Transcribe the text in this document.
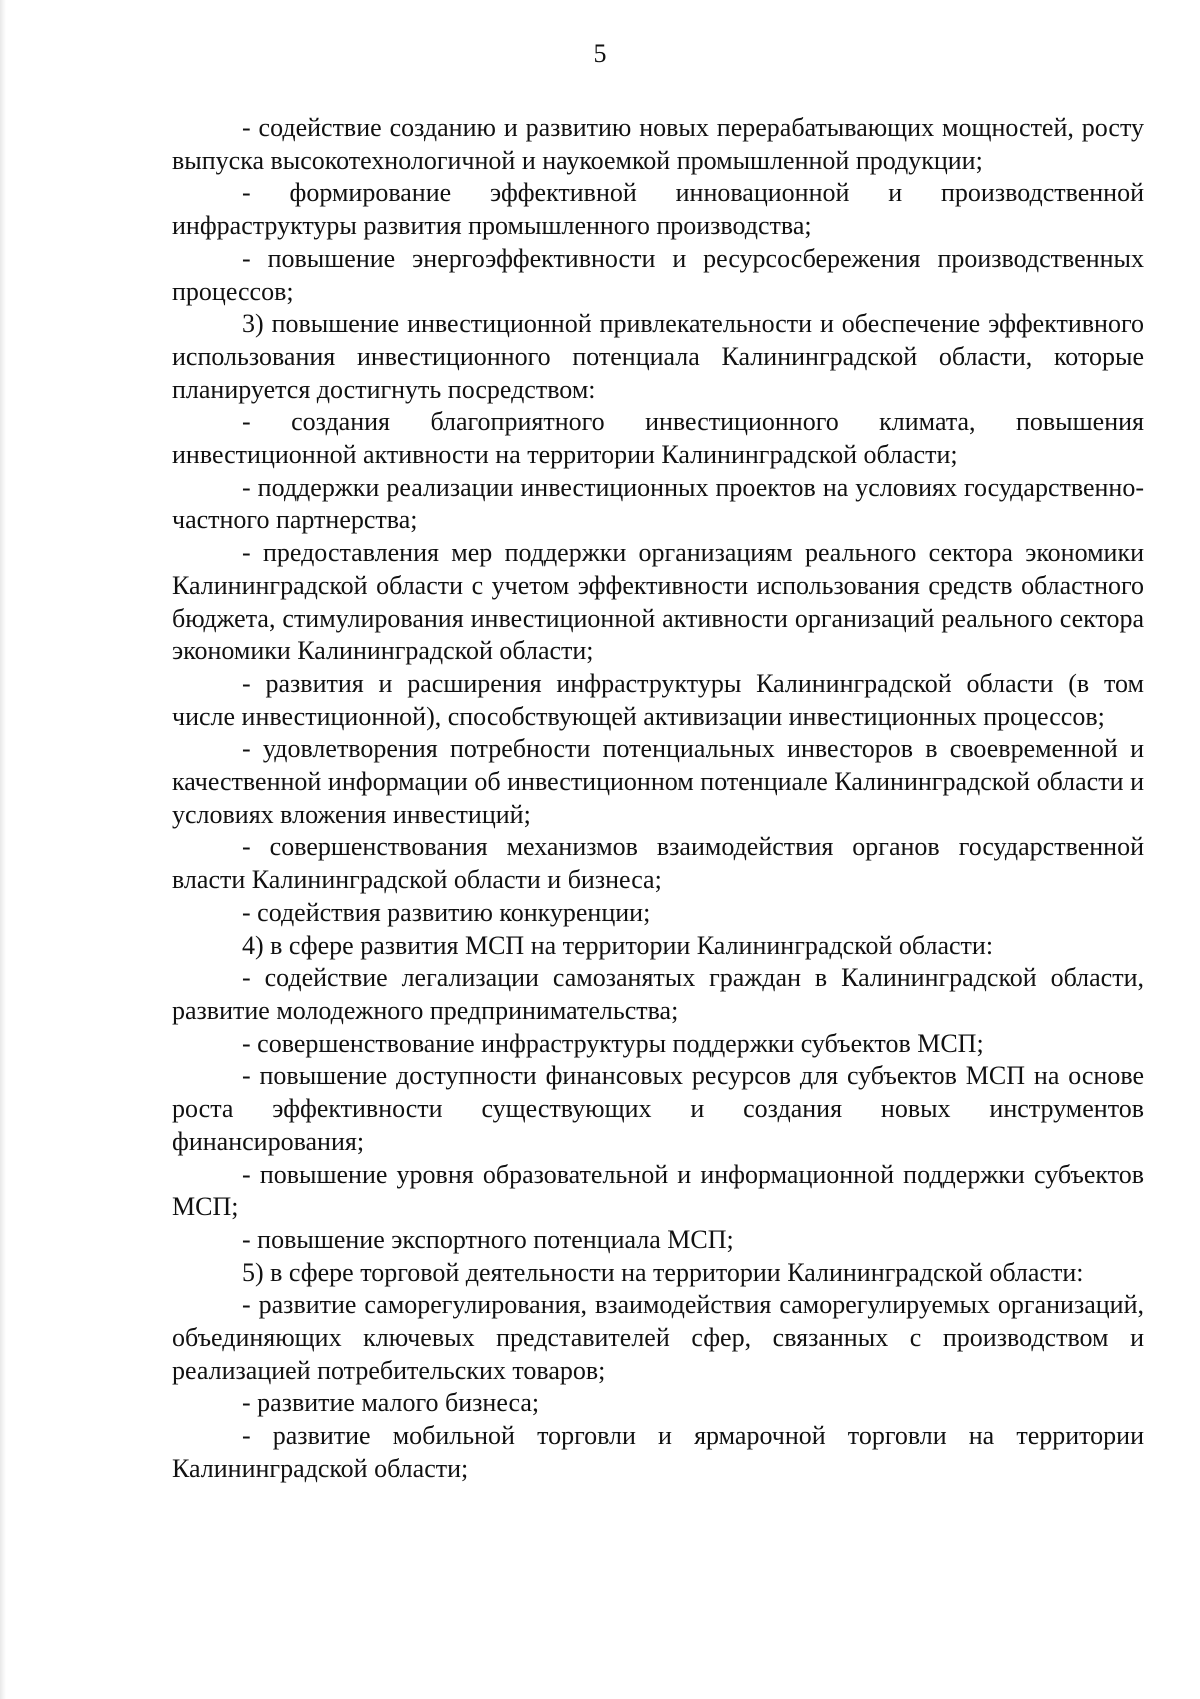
5

- содействие созданию и развитию новых перерабатывающих мощностей, росту выпуска высокотехнологичной и наукоемкой промышленной продукции;

- формирование эффективной инновационной и производственной инфраструктуры развития промышленного производства;

- повышение энергоэффективности и ресурсосбережения производственных процессов;

3) повышение инвестиционной привлекательности и обеспечение эффективного использования инвестиционного потенциала Калининградской области, которые планируется достигнуть посредством:

- создания благоприятного инвестиционного климата, повышения инвестиционной активности на территории Калининградской области;

- поддержки реализации инвестиционных проектов на условиях государственно-частного партнерства;

- предоставления мер поддержки организациям реального сектора экономики Калининградской области с учетом эффективности использования средств областного бюджета, стимулирования инвестиционной активности организаций реального сектора экономики Калининградской области;

- развития и расширения инфраструктуры Калининградской области (в том числе инвестиционной), способствующей активизации инвестиционных процессов;

- удовлетворения потребности потенциальных инвесторов в своевременной и качественной информации об инвестиционном потенциале Калининградской области и условиях вложения инвестиций;

- совершенствования механизмов взаимодействия органов государственной власти Калининградской области и бизнеса;

- содействия развитию конкуренции;

4) в сфере развития МСП на территории Калининградской области:

- содействие легализации самозанятых граждан в Калининградской области, развитие молодежного предпринимательства;

- совершенствование инфраструктуры поддержки субъектов МСП;

- повышение доступности финансовых ресурсов для субъектов МСП на основе роста эффективности существующих и создания новых инструментов финансирования;

- повышение уровня образовательной и информационной поддержки субъектов МСП;

- повышение экспортного потенциала МСП;

5) в сфере торговой деятельности на территории Калининградской области:

- развитие саморегулирования, взаимодействия саморегулируемых организаций, объединяющих ключевых представителей сфер, связанных с производством и реализацией потребительских товаров;

- развитие малого бизнеса;

- развитие мобильной торговли и ярмарочной торговли на территории Калининградской области;
